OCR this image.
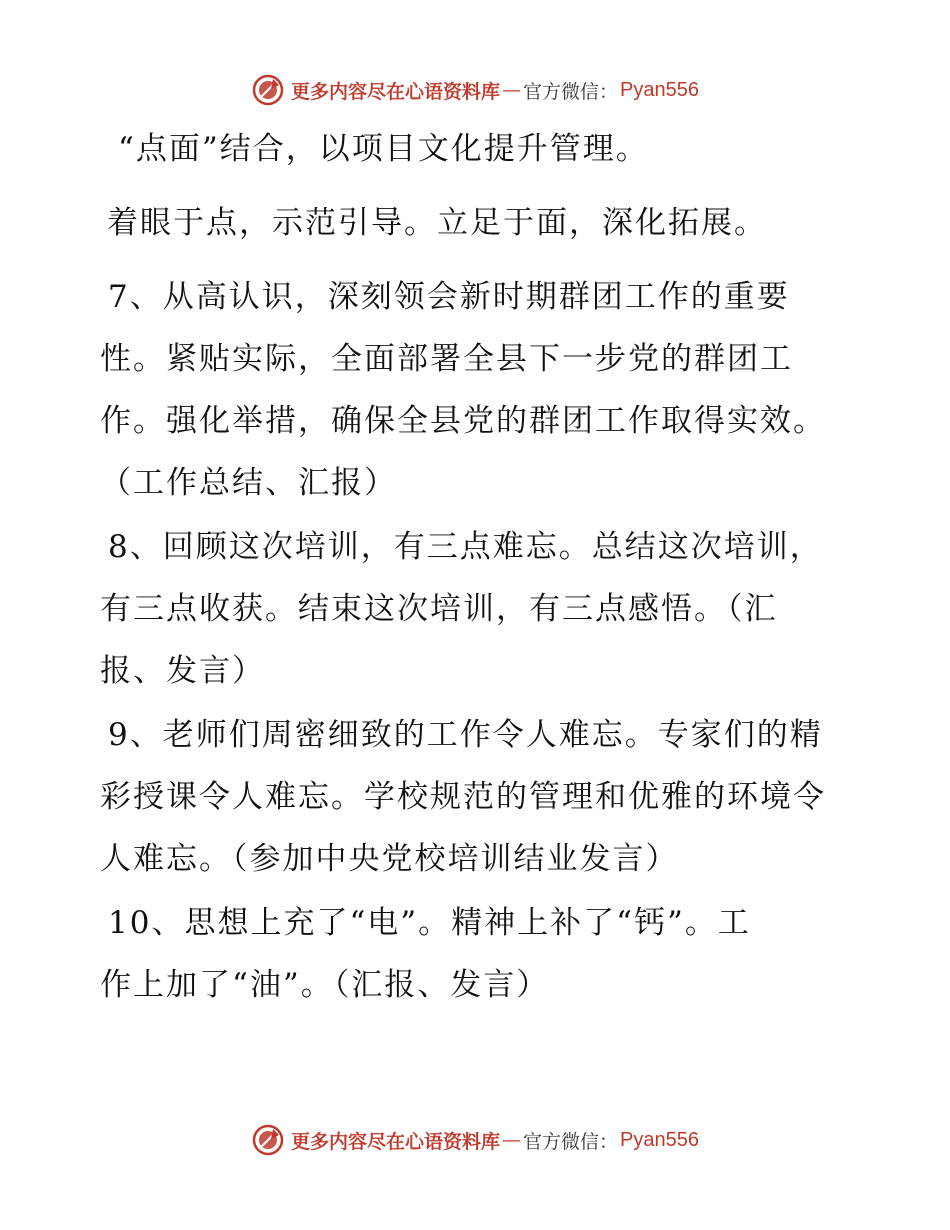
更多内容尽在心语资料库 — 官方微信： Pyan556

“点面”结合，以项目文化提升管理。

着眼于点，示范引导。立足于面，深化拓展。

7、从高认识，深刻领会新时期群团工作的重要
性。紧贴实际，全面部署全县下一步党的群团工
作。强化举措，确保全县党的群团工作取得实效。
（工作总结、汇报）

8、回顾这次培训，有三点难忘。总结这次培训，
有三点收获。结束这次培训，有三点感悟。（汇
报、发言）

9、老师们周密细致的工作令人难忘。专家们的精
彩授课令人难忘。学校规范的管理和优雅的环境令
人难忘。（参加中央党校培训结业发言）

10、思想上充了“电”。精神上补了“钙”。工
作上加了“油”。（汇报、发言）

更多内容尽在心语资料库 — 官方微信： Pyan556
